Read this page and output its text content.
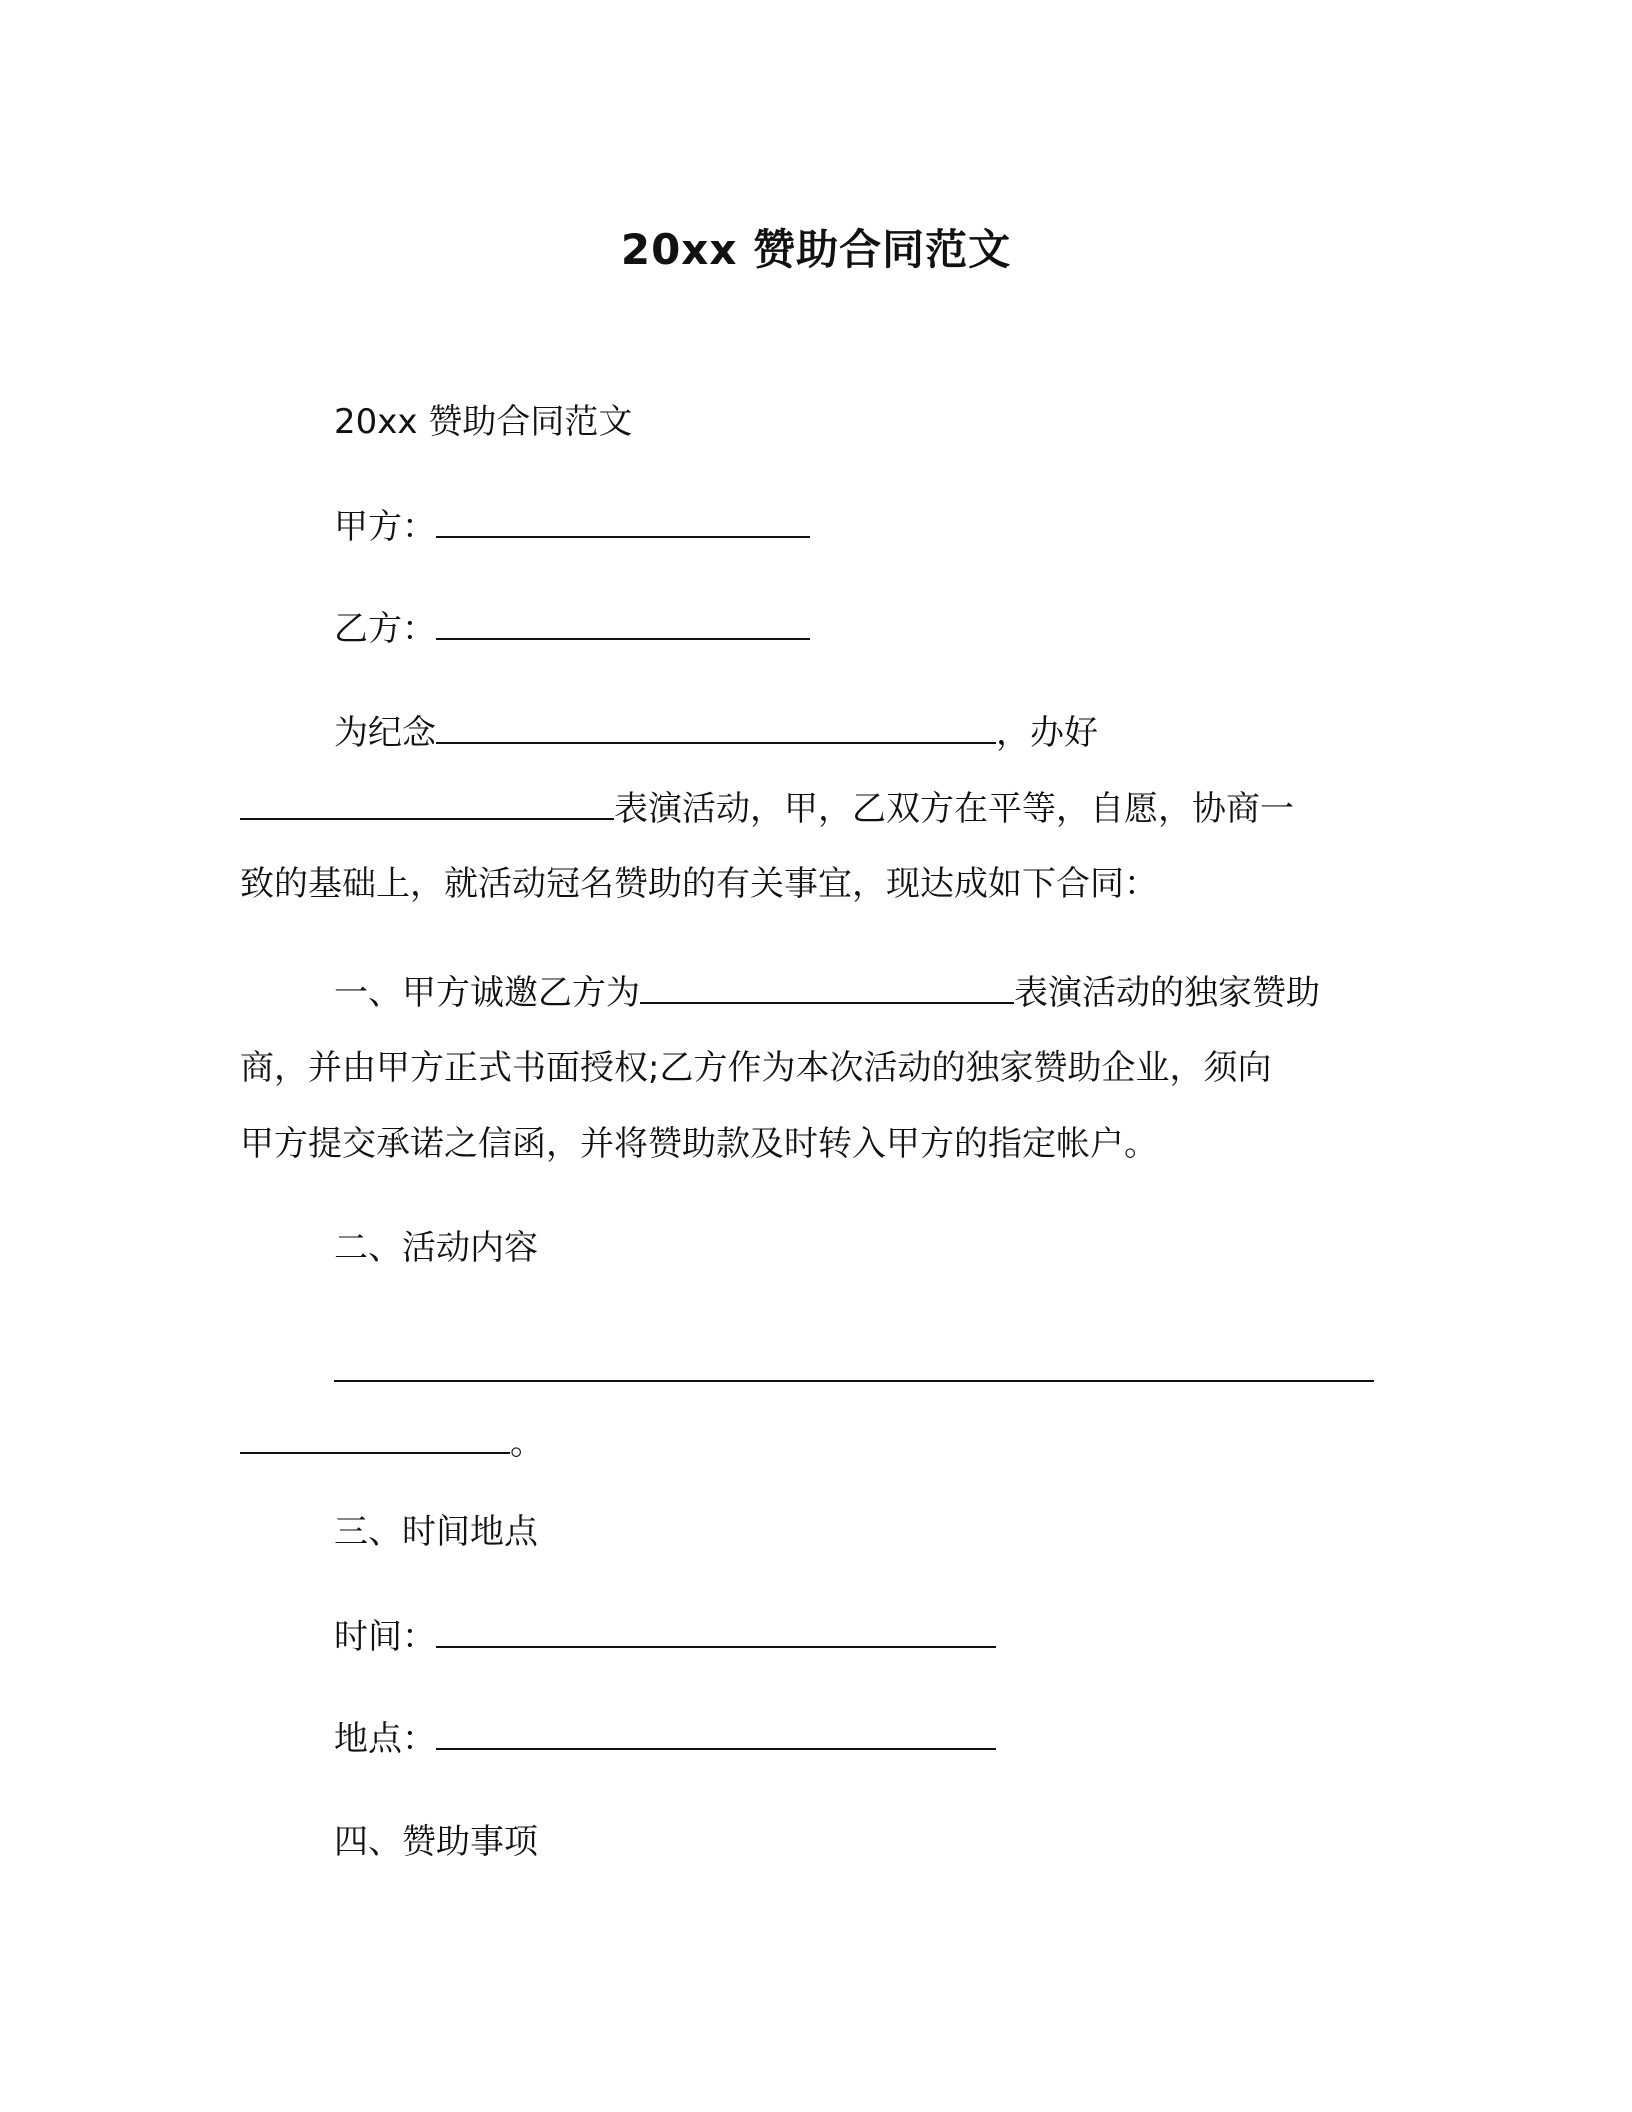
20xx 赞助合同范文
20xx 赞助合同范文
甲方：
乙方：
为纪念	，办好
表演活动，甲，乙双方在平等，自愿，协商一
致的基础上，就活动冠名赞助的有关事宜，现达成如下合同：
一、甲方诚邀乙方为	表演活动的独家赞助
商，并由甲方正式书面授权;乙方作为本次活动的独家赞助企业，须向
甲方提交承诺之信函，并将赞助款及时转入甲方的指定帐户。
二、活动内容
。
三、时间地点
时间：
地点：
四、赞助事项
